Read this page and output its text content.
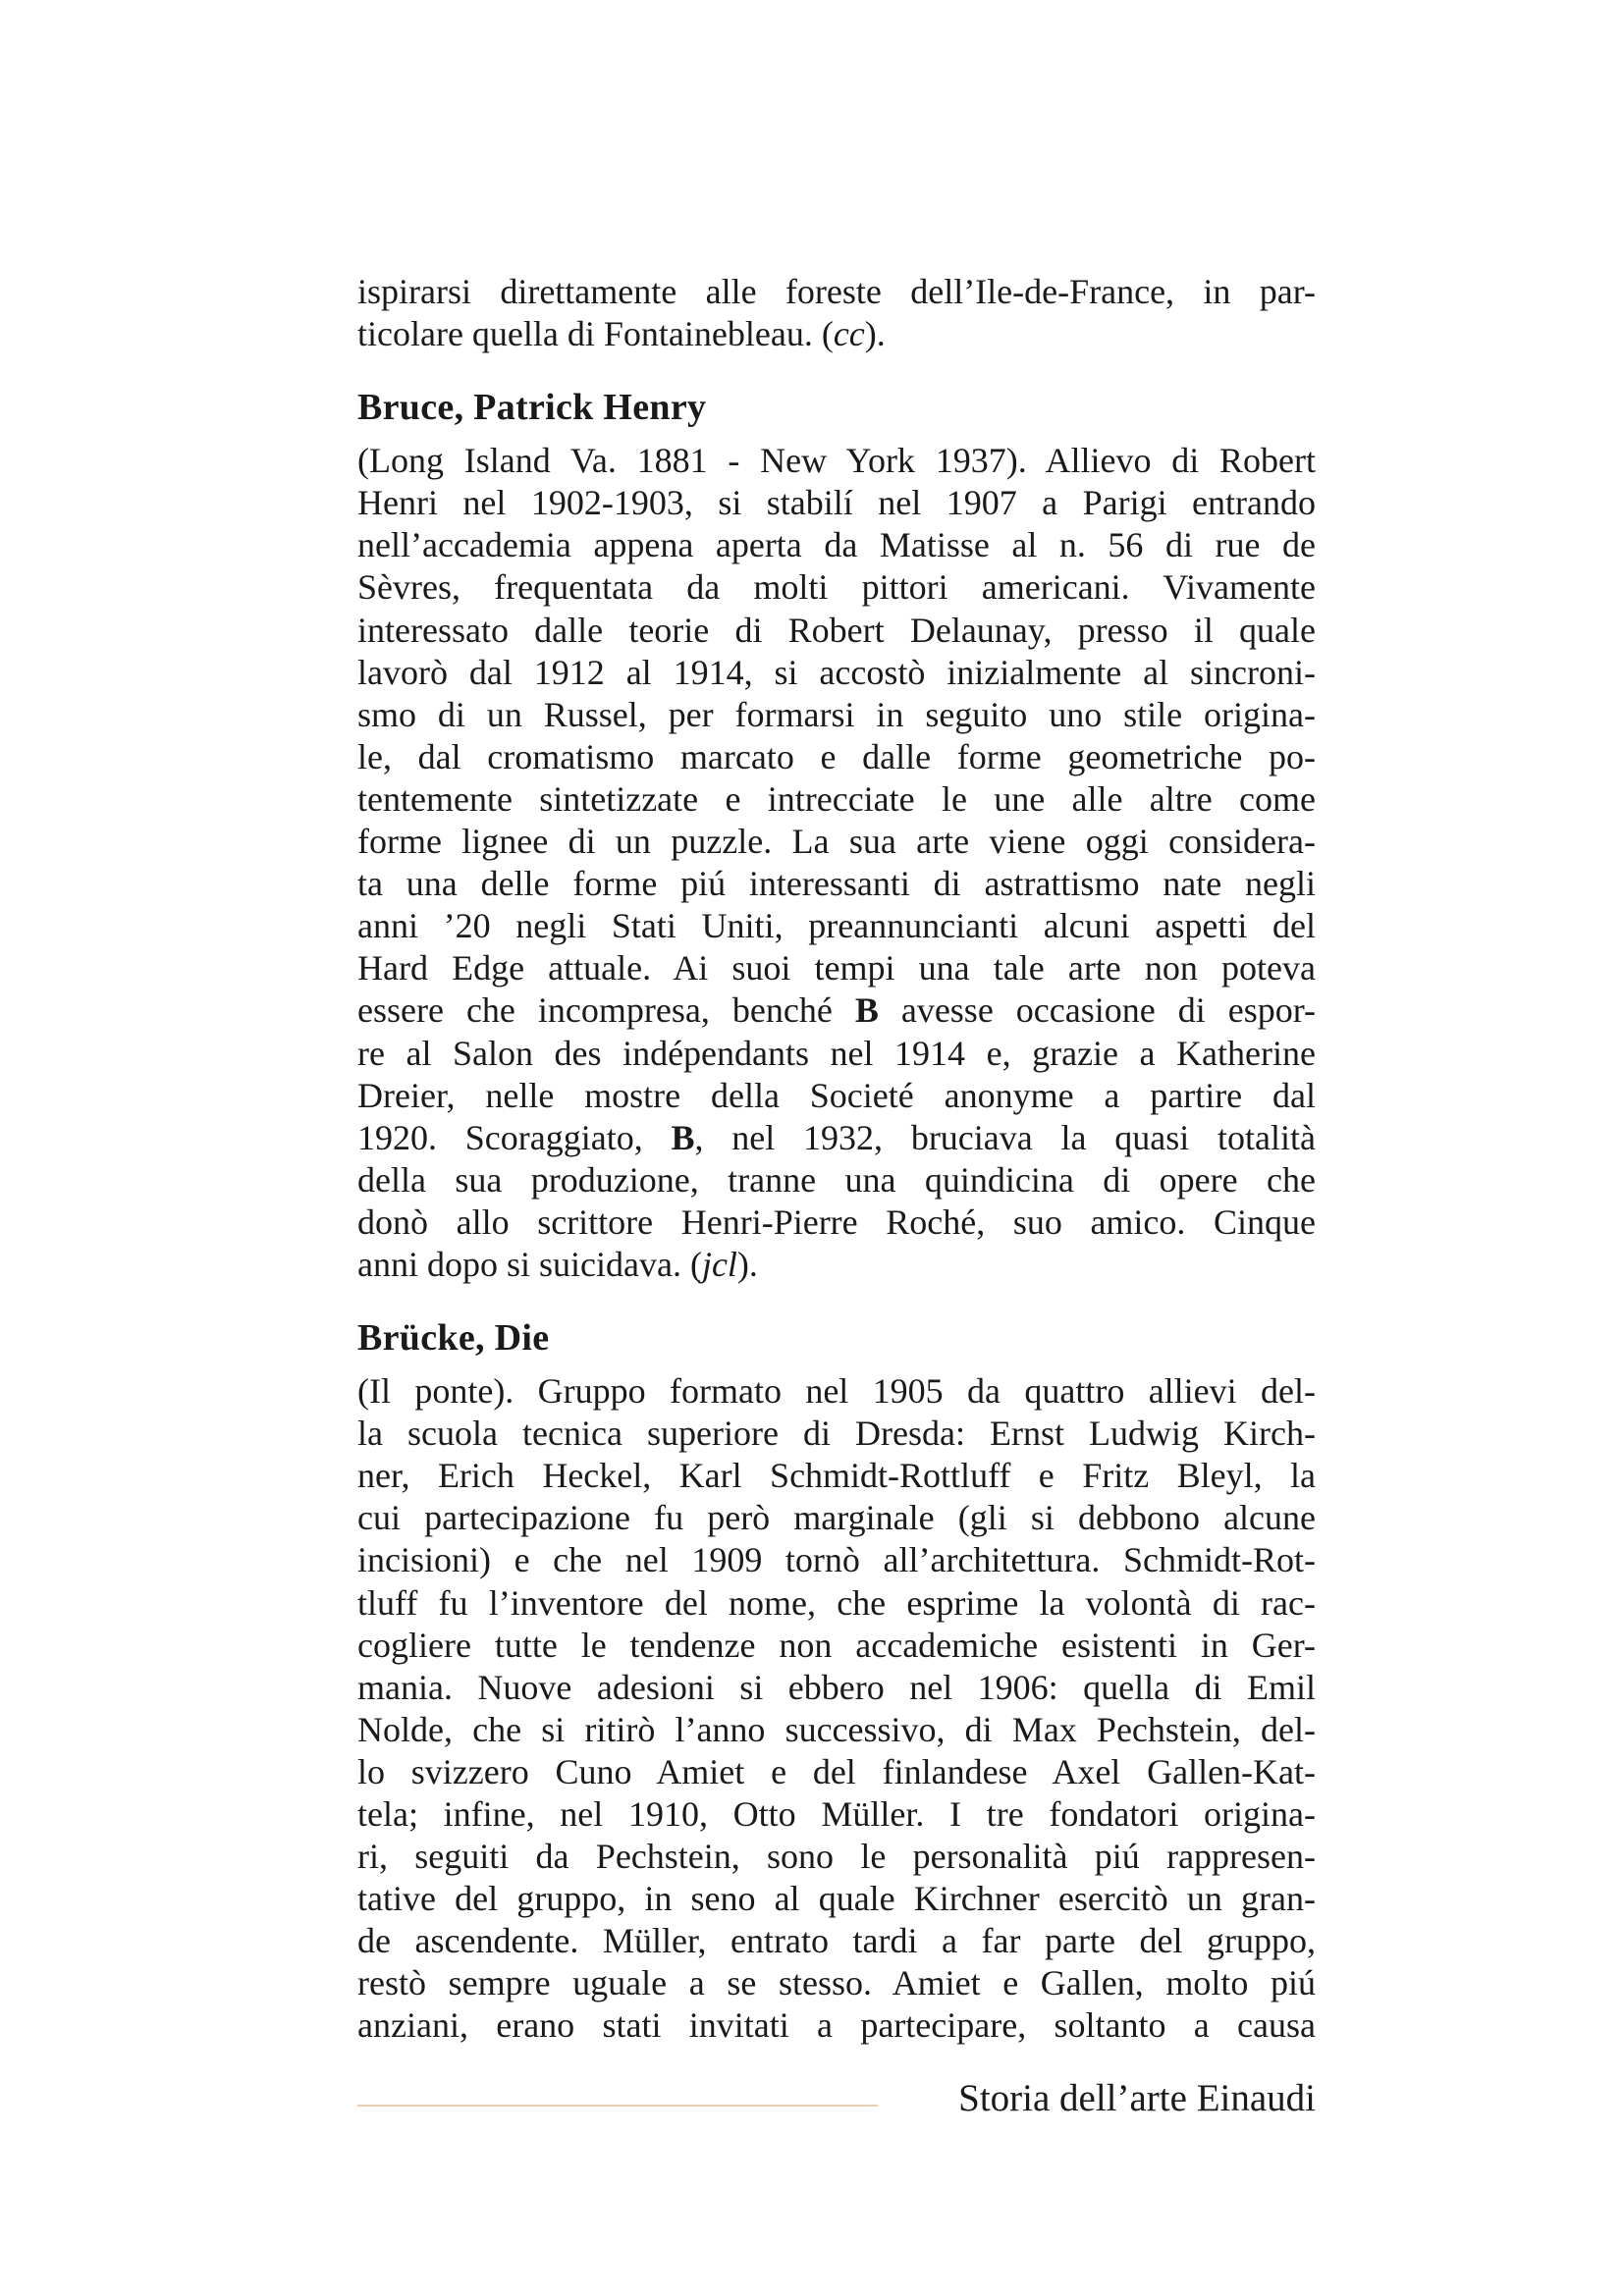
ispirarsi direttamente alle foreste dell’Ile-de-France, in par-
ticolare quella di Fontainebleau. (cc).

Bruce, Patrick Henry

(Long Island Va. 1881 - New York 1937). Allievo di Robert
Henri nel 1902-1903, si stabilí nel 1907 a Parigi entrando
nell’accademia appena aperta da Matisse al n. 56 di rue de
Sèvres, frequentata da molti pittori americani. Vivamente
interessato dalle teorie di Robert Delaunay, presso il quale
lavorò dal 1912 al 1914, si accostò inizialmente al sincroni-
smo di un Russel, per formarsi in seguito uno stile origina-
le, dal cromatismo marcato e dalle forme geometriche po-
tentemente sintetizzate e intrecciate le une alle altre come
forme lignee di un puzzle. La sua arte viene oggi considera-
ta una delle forme piú interessanti di astrattismo nate negli
anni ’20 negli Stati Uniti, preannuncianti alcuni aspetti del
Hard Edge attuale. Ai suoi tempi una tale arte non poteva
essere che incompresa, benché B avesse occasione di espor-
re al Salon des indépendants nel 1914 e, grazie a Katherine
Dreier, nelle mostre della Societé anonyme a partire dal
1920. Scoraggiato, B, nel 1932, bruciava la quasi totalità
della sua produzione, tranne una quindicina di opere che
donò allo scrittore Henri-Pierre Roché, suo amico. Cinque
anni dopo si suicidava. (jcl).

Brücke, Die

(Il ponte). Gruppo formato nel 1905 da quattro allievi del-
la scuola tecnica superiore di Dresda: Ernst Ludwig Kirch-
ner, Erich Heckel, Karl Schmidt-Rottluff e Fritz Bleyl, la
cui partecipazione fu però marginale (gli si debbono alcune
incisioni) e che nel 1909 tornò all’architettura. Schmidt-Rot-
tluff fu l’inventore del nome, che esprime la volontà di rac-
cogliere tutte le tendenze non accademiche esistenti in Ger-
mania. Nuove adesioni si ebbero nel 1906: quella di Emil
Nolde, che si ritirò l’anno successivo, di Max Pechstein, del-
lo svizzero Cuno Amiet e del finlandese Axel Gallen-Kat-
tela; infine, nel 1910, Otto Müller. I tre fondatori origina-
ri, seguiti da Pechstein, sono le personalità piú rappresen-
tative del gruppo, in seno al quale Kirchner esercitò un gran-
de ascendente. Müller, entrato tardi a far parte del gruppo,
restò sempre uguale a se stesso. Amiet e Gallen, molto piú
anziani, erano stati invitati a partecipare, soltanto a causa

Storia dell’arte Einaudi
